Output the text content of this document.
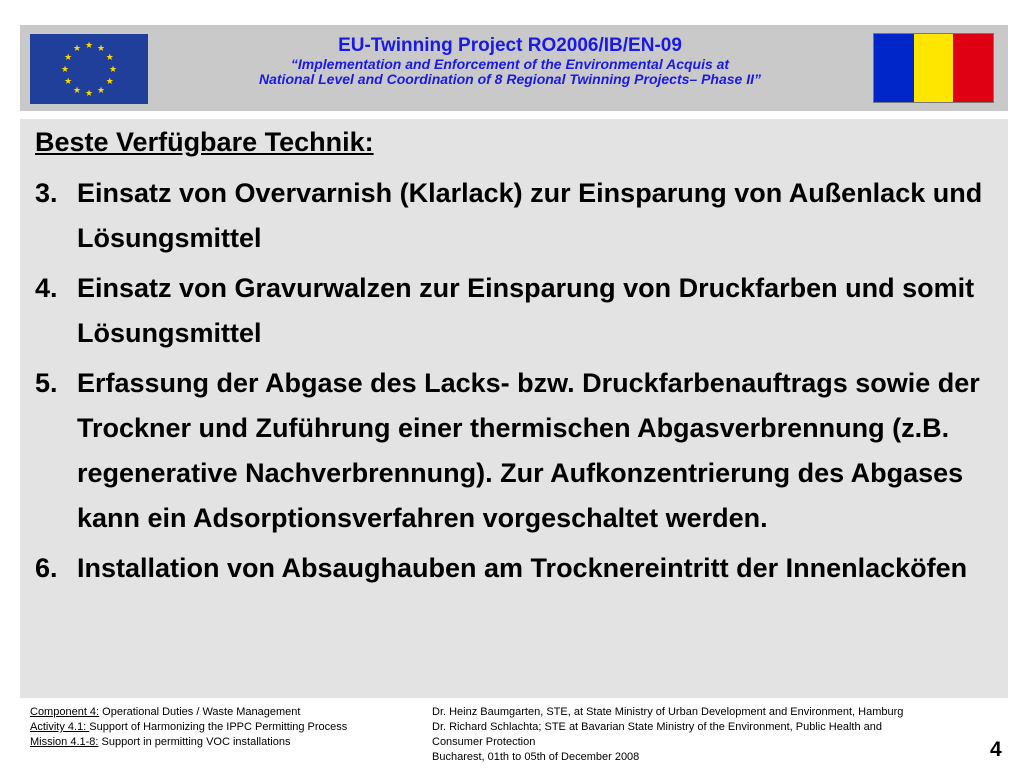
★ ★
★
★
★
★
★
★
★
★
★
★	EU-Twinning Project RO2006/IB/EN-09
“Implementation and Enforcement of the Environmental Acquis at
National Level and Coordination of 8 Regional Twinning Projects– Phase II”
Beste Verfügbare Technik:
3. Einsatz von Overvarnish (Klarlack) zur Einsparung von Außenlack und Lösungsmittel
4. Einsatz von Gravurwalzen zur Einsparung von Druckfarben und somit Lösungsmittel
5. Erfassung der Abgase des Lacks- bzw. Druckfarbenauftrags sowie der Trockner und Zuführung einer thermischen Abgasverbrennung (z.B. regenerative Nachverbrennung). Zur Aufkonzentrierung des Abgases kann ein Adsorptionsverfahren vorgeschaltet werden.
6. Installation von Absaughauben am Trocknereintritt der Innenlacköfen
Component 4: Operational Duties / Waste Management
Activity 4.1: Support of Harmonizing the IPPC Permitting Process
Mission 4.1-8: Support in permitting VOC installations
Dr. Heinz Baumgarten, STE, at State Ministry of Urban Development and Environment, Hamburg
Dr. Richard Schlachta; STE at Bavarian State Ministry of the Environment, Public Health and
Consumer Protection
Bucharest, 01th to 05th of December 2008	4
